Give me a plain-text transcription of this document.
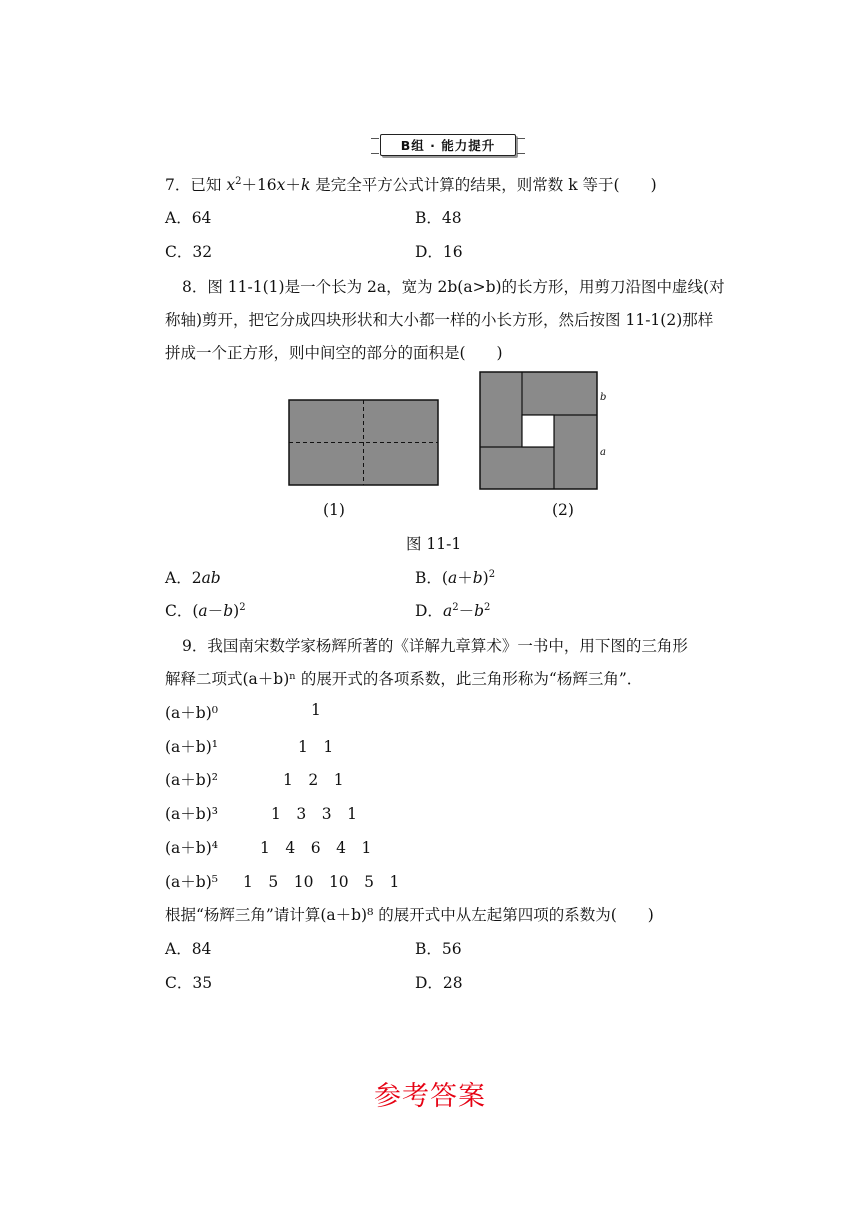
B组 · 能力提升
7．已知 $x^2+16x+k$ 是完全平方公式计算的结果，则常数 k 等于(　　)
A．64	B．48
C．32	D．16
8．图 11-1(1)是一个长为 2a，宽为 2b(a>b)的长方形，用剪刀沿图中虚线(对
称轴)剪开，把它分成四块形状和大小都一样的小长方形，然后按图 11-1(2)那样
拼成一个正方形，则中间空的部分的面积是(　　)
b
a
(1)	(2)
图 11-1
A．2ab	B．$(a+b)^2$
C．$(a-b)^2$	D．$a^2-b^2$
9．我国南宋数学家杨辉所著的《详解九章算术》一书中，用下图的三角形
解释二项式(a＋b)ⁿ 的展开式的各项系数，此三角形称为“杨辉三角”．
(a＋b)⁰	1
(a＋b)¹	1　1
(a＋b)²	1　2　1
(a＋b)³	1　3　3　1
(a＋b)⁴	1　4　6　4　1
(a＋b)⁵ 1　5　10　10　5　1
根据“杨辉三角”请计算(a＋b)⁸ 的展开式中从左起第四项的系数为(　　)
A．84	B．56
C．35	D．28
参考答案
